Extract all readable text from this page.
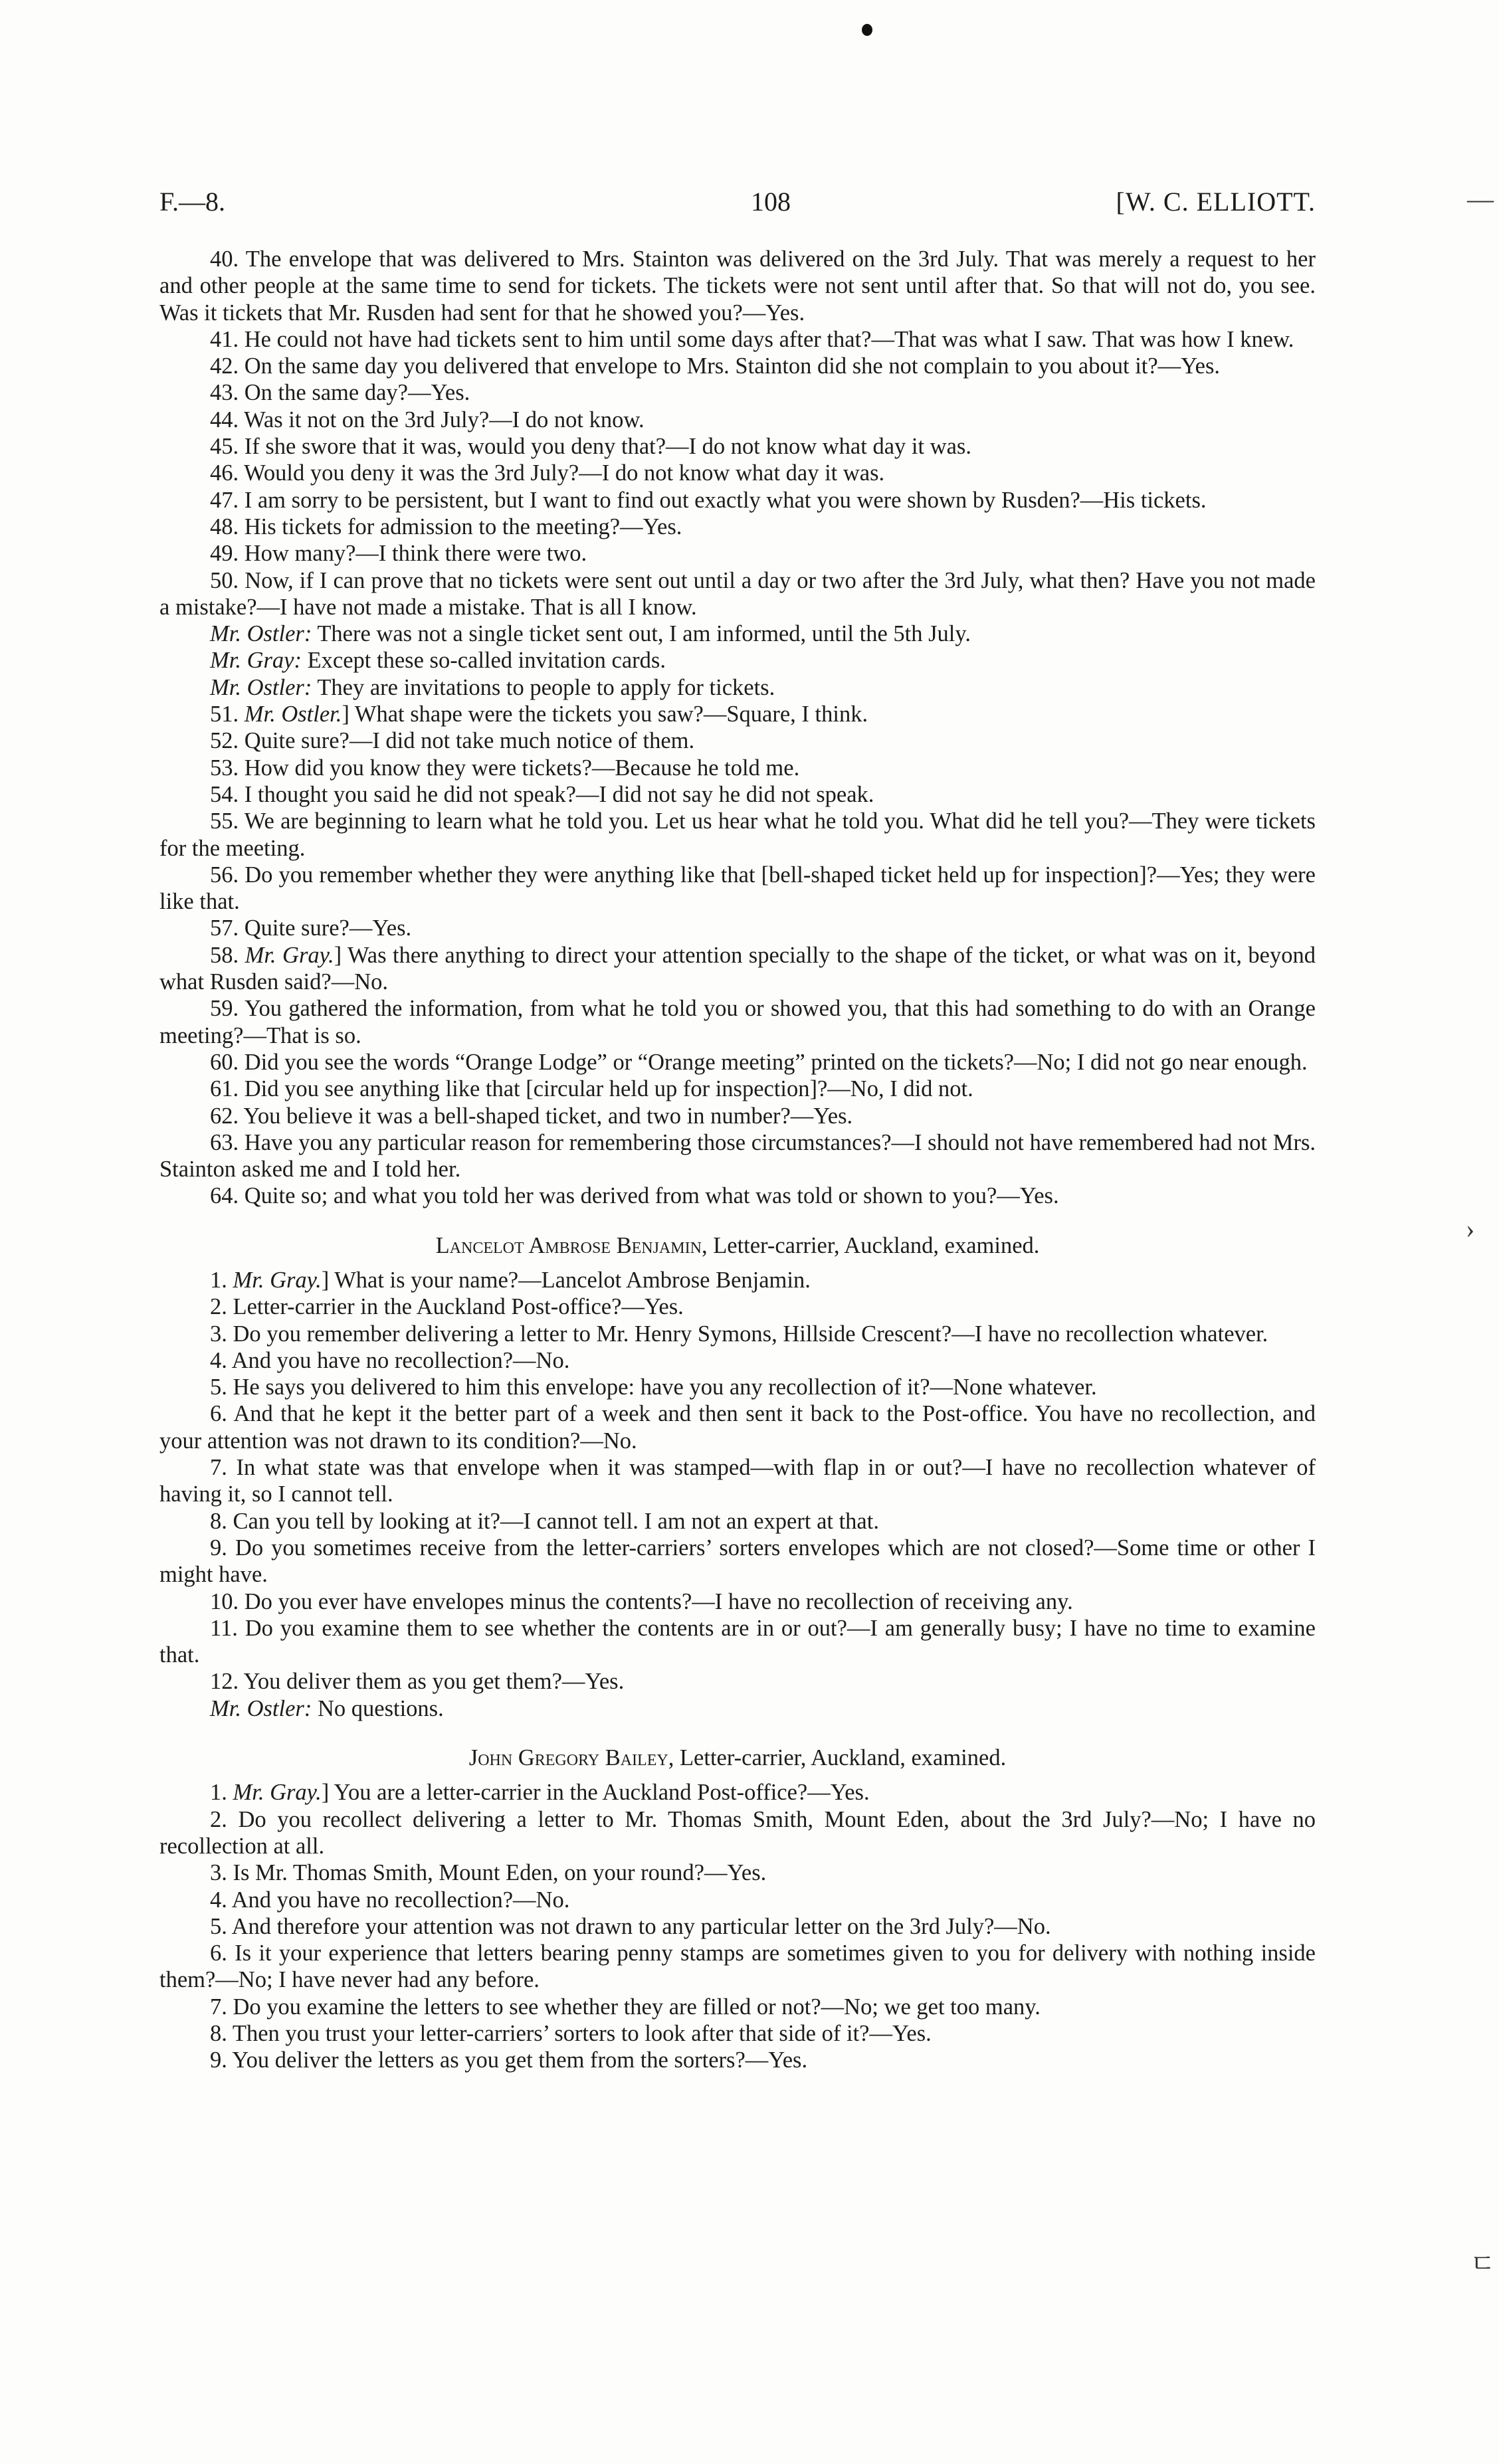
—
›
ㄷ
F.—8.	108	[W. C. ELLIOTT.

40. The envelope that was delivered to Mrs. Stainton was delivered on the 3rd July. That was merely a request to her and other people at the same time to send for tickets. The tickets were not sent until after that. So that will not do, you see. Was it tickets that Mr. Rusden had sent for that he showed you?—Yes.

41. He could not have had tickets sent to him until some days after that?—That was what I saw. That was how I knew.

42. On the same day you delivered that envelope to Mrs. Stainton did she not complain to you about it?—Yes.

43. On the same day?—Yes.

44. Was it not on the 3rd July?—I do not know.

45. If she swore that it was, would you deny that?—I do not know what day it was.

46. Would you deny it was the 3rd July?—I do not know what day it was.

47. I am sorry to be persistent, but I want to find out exactly what you were shown by Rusden?—His tickets.

48. His tickets for admission to the meeting?—Yes.

49. How many?—I think there were two.

50. Now, if I can prove that no tickets were sent out until a day or two after the 3rd July, what then? Have you not made a mistake?—I have not made a mistake. That is all I know.

Mr. Ostler: There was not a single ticket sent out, I am informed, until the 5th July.

Mr. Gray: Except these so-called invitation cards.

Mr. Ostler: They are invitations to people to apply for tickets.

51. Mr. Ostler.] What shape were the tickets you saw?—Square, I think.

52. Quite sure?—I did not take much notice of them.

53. How did you know they were tickets?—Because he told me.

54. I thought you said he did not speak?—I did not say he did not speak.

55. We are beginning to learn what he told you. Let us hear what he told you. What did he tell you?—They were tickets for the meeting.

56. Do you remember whether they were anything like that [bell-shaped ticket held up for inspection]?—Yes; they were like that.

57. Quite sure?—Yes.

58. Mr. Gray.] Was there anything to direct your attention specially to the shape of the ticket, or what was on it, beyond what Rusden said?—No.

59. You gathered the information, from what he told you or showed you, that this had something to do with an Orange meeting?—That is so.

60. Did you see the words “Orange Lodge” or “Orange meeting” printed on the tickets?—No; I did not go near enough.

61. Did you see anything like that [circular held up for inspection]?—No, I did not.

62. You believe it was a bell-shaped ticket, and two in number?—Yes.

63. Have you any particular reason for remembering those circumstances?—I should not have remembered had not Mrs. Stainton asked me and I told her.

64. Quite so; and what you told her was derived from what was told or shown to you?—Yes.

Lancelot Ambrose Benjamin, Letter-carrier, Auckland, examined.

1. Mr. Gray.] What is your name?—Lancelot Ambrose Benjamin.

2. Letter-carrier in the Auckland Post-office?—Yes.

3. Do you remember delivering a letter to Mr. Henry Symons, Hillside Crescent?—I have no recollection whatever.

4. And you have no recollection?—No.

5. He says you delivered to him this envelope: have you any recollection of it?—None whatever.

6. And that he kept it the better part of a week and then sent it back to the Post-office. You have no recollection, and your attention was not drawn to its condition?—No.

7. In what state was that envelope when it was stamped—with flap in or out?—I have no recollection whatever of having it, so I cannot tell.

8. Can you tell by looking at it?—I cannot tell. I am not an expert at that.

9. Do you sometimes receive from the letter-carriers’ sorters envelopes which are not closed?—Some time or other I might have.

10. Do you ever have envelopes minus the contents?—I have no recollection of receiving any.

11. Do you examine them to see whether the contents are in or out?—I am generally busy; I have no time to examine that.

12. You deliver them as you get them?—Yes.

Mr. Ostler: No questions.

John Gregory Bailey, Letter-carrier, Auckland, examined.

1. Mr. Gray.] You are a letter-carrier in the Auckland Post-office?—Yes.

2. Do you recollect delivering a letter to Mr. Thomas Smith, Mount Eden, about the 3rd July?—No; I have no recollection at all.

3. Is Mr. Thomas Smith, Mount Eden, on your round?—Yes.

4. And you have no recollection?—No.

5. And therefore your attention was not drawn to any particular letter on the 3rd July?—No.

6. Is it your experience that letters bearing penny stamps are sometimes given to you for delivery with nothing inside them?—No; I have never had any before.

7. Do you examine the letters to see whether they are filled or not?—No; we get too many.

8. Then you trust your letter-carriers’ sorters to look after that side of it?—Yes.

9. You deliver the letters as you get them from the sorters?—Yes.
